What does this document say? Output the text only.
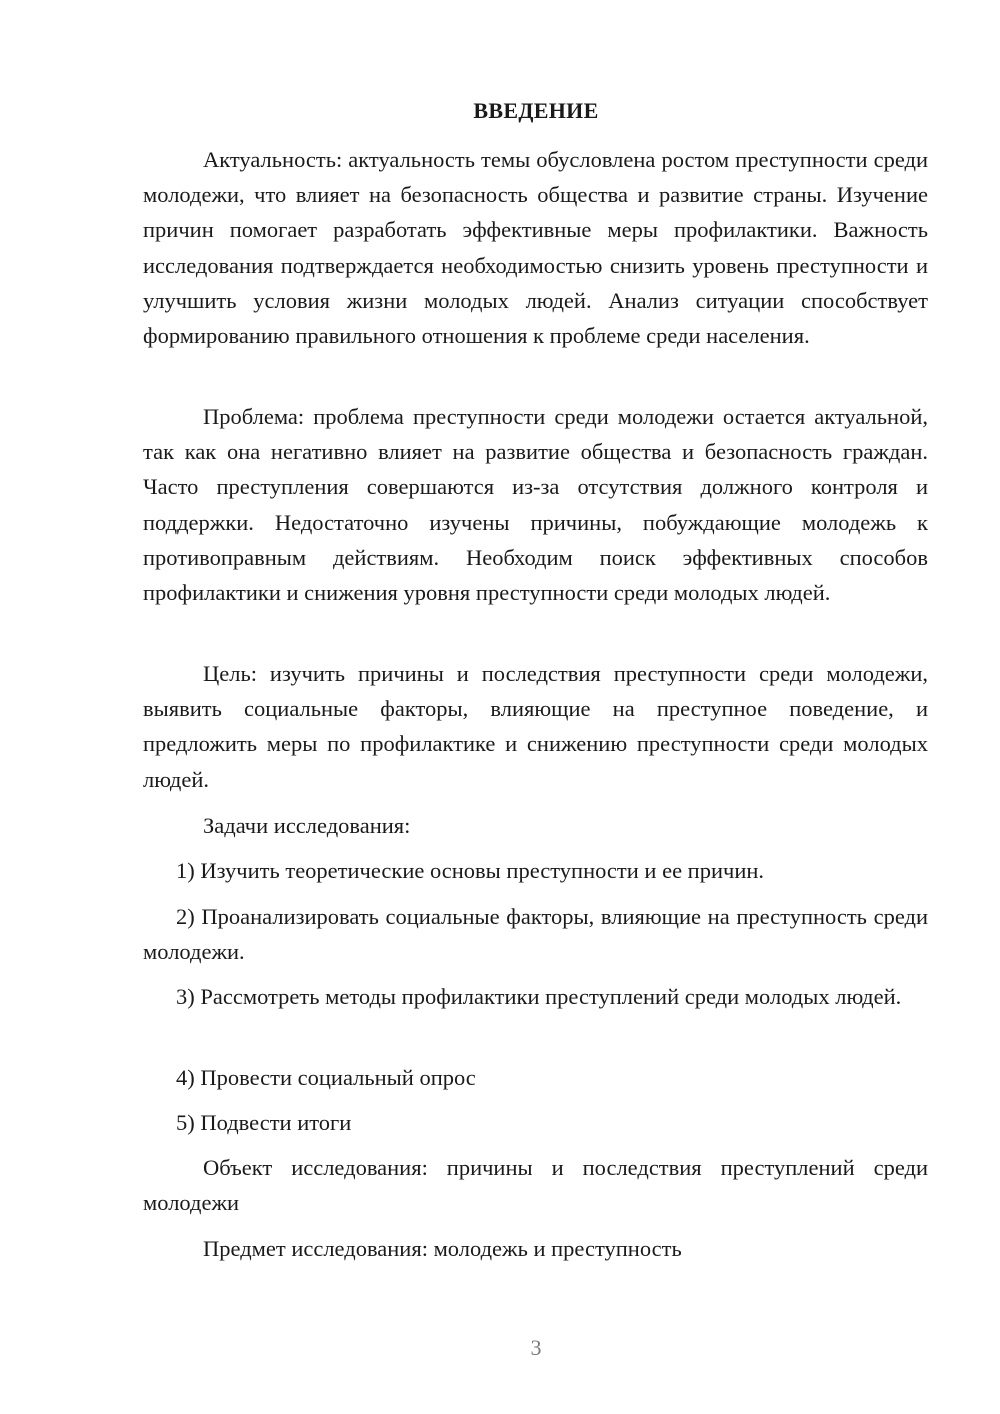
ВВЕДЕНИЕ

Актуальность: актуальность темы обусловлена ростом преступности среди молодежи, что влияет на безопасность общества и развитие страны. Изучение причин помогает разработать эффективные меры профилактики. Важность исследования подтверждается необходимостью снизить уровень преступности и улучшить условия жизни молодых людей. Анализ ситуации способствует формированию правильного отношения к проблеме среди населения.

Проблема: проблема преступности среди молодежи остается актуальной, так как она негативно влияет на развитие общества и безопасность граждан. Часто преступления совершаются из-за отсутствия должного контроля и поддержки. Недостаточно изучены причины, побуждающие молодежь к противоправным действиям. Необходим поиск эффективных способов профилактики и снижения уровня преступности среди молодых людей.

Цель: изучить причины и последствия преступности среди молодежи, выявить социальные факторы, влияющие на преступное поведение, и предложить меры по профилактике и снижению преступности среди молодых людей.

Задачи исследования:

1) Изучить теоретические основы преступности и ее причин.

2) Проанализировать социальные факторы, влияющие на преступность среди молодежи.

3) Рассмотреть методы профилактики преступлений среди молодых людей.

4) Провести социальный опрос

5) Подвести итоги

Объект исследования: причины и последствия преступлений среди молодежи

Предмет исследования: молодежь и преступность

3
